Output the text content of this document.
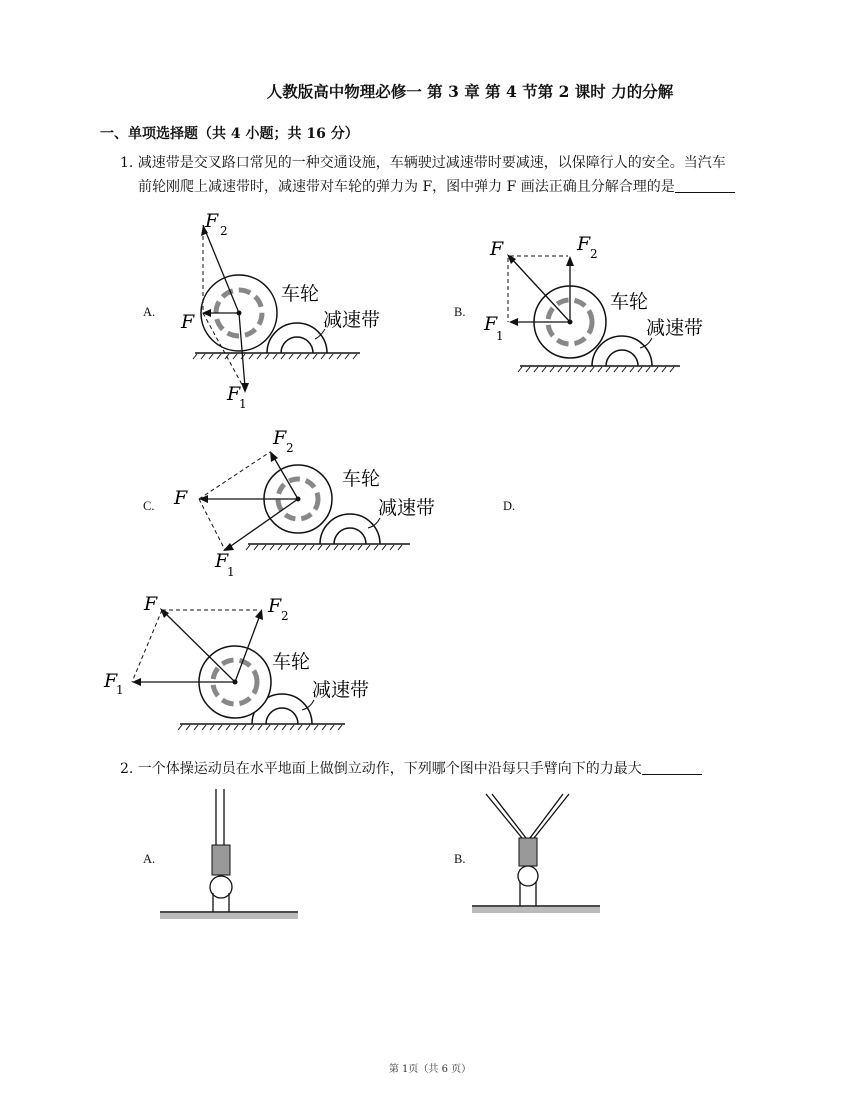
人教版高中物理必修一 第 3 章 第 4 节第 2 课时 力的分解
一、单项选择题（共 4 小题；共 16 分）
1. 减速带是交叉路口常见的一种交通设施，车辆驶过减速带时要减速，以保障行人的安全。当汽车
前轮刚爬上减速带时，减速带对车轮的弹力为 F，图中弹力 F 画法正确且分解合理的是
A.
车轮
减速带
F
F 2
F
1
B.	车轮
减速带
F	F 2
F
1
C.
车轮
减速带
F
F 2
F
1
D.
车轮
减速带
F	F 2
F
1
2. 一个体操运动员在水平地面上做倒立动作，下列哪个图中沿每只手臂向下的力最大
A.	B.
第 1页（共 6 页）
